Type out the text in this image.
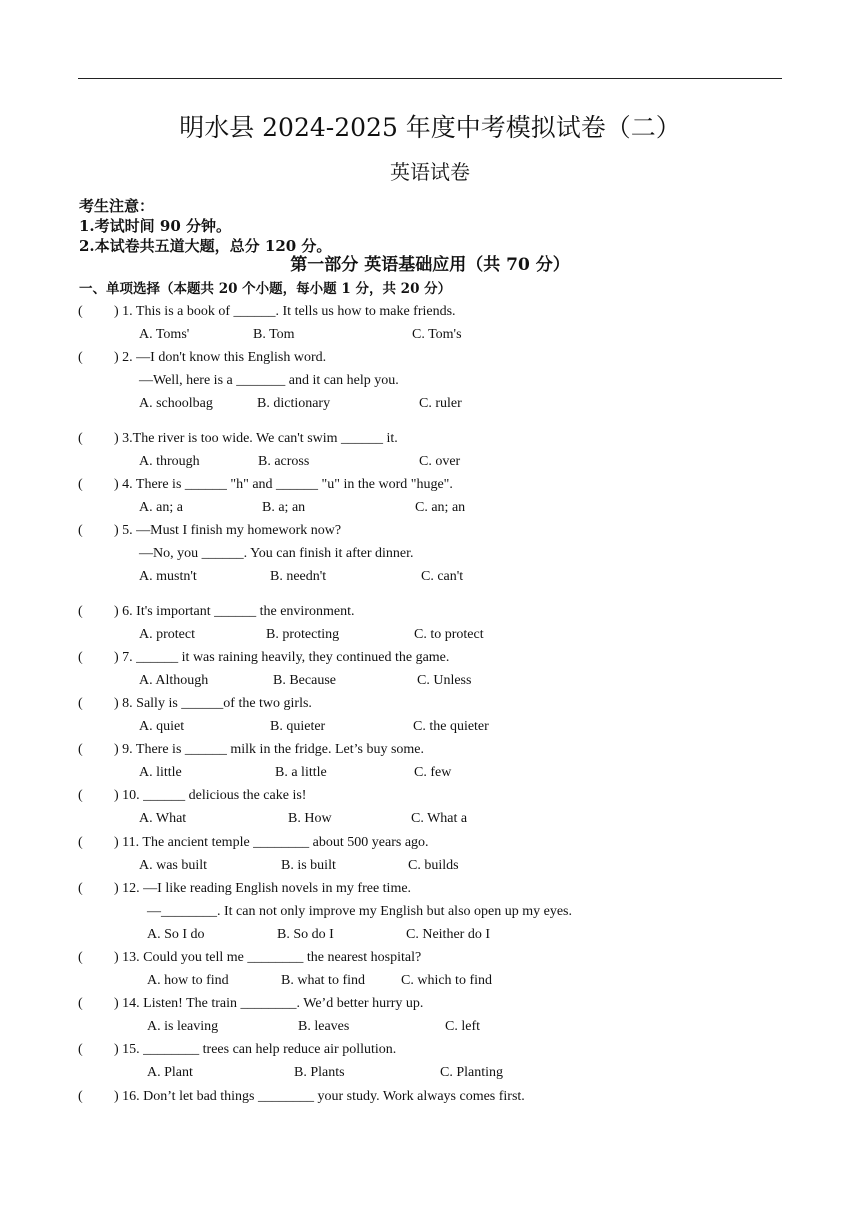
明水县 2024-2025 年度中考模拟试卷（二）
英语试卷
考生注意：
1.考试时间 90 分钟。
2.本试卷共五道大题，总分 120 分。
第一部分 英语基础应用（共 70 分）
一、单项选择（本题共 20 个小题，每小题 1 分，共 20 分）
( ) 1. This is a book of ______. It tells us how to make friends.
A. Toms'	B. Tom	C. Tom's
( ) 2. —I don't know this English word.
—Well, here is a _______ and it can help you.
A. schoolbag	B. dictionary	C. ruler
( ) 3.The river is too wide. We can't swim ______ it.
A. through	B. across	C. over
( ) 4. There is ______ "h" and ______ "u" in the word "huge".
A. an; a	B. a; an	C. an; an
( ) 5. —Must I finish my homework now?
—No, you ______. You can finish it after dinner.
A. mustn't	B. needn't	C. can't
( ) 6. It's important ______ the environment.
A. protect	B. protecting	C. to protect
( ) 7. ______ it was raining heavily, they continued the game.
A. Although	B. Because	C. Unless
( ) 8. Sally is ______of the two girls.
A. quiet	B. quieter	C. the quieter
( ) 9. There is ______ milk in the fridge. Let’s buy some.
A. little	B. a little	C. few
( ) 10. ______ delicious the cake is!
A. What	B. How	C. What a
( ) 11. The ancient temple ________ about 500 years ago.
A. was built	B. is built	C. builds
( ) 12. —I like reading English novels in my free time.
—________. It can not only improve my English but also open up my eyes.
A. So I do	B. So do I	C. Neither do I
( ) 13. Could you tell me ________ the nearest hospital?
A. how to find	B. what to find	C. which to find
( ) 14. Listen! The train ________. We’d better hurry up.
A. is leaving	B. leaves	C. left
( ) 15. ________ trees can help reduce air pollution.
A. Plant	B. Plants	C. Planting
( ) 16. Don’t let bad things ________ your study. Work always comes first.
